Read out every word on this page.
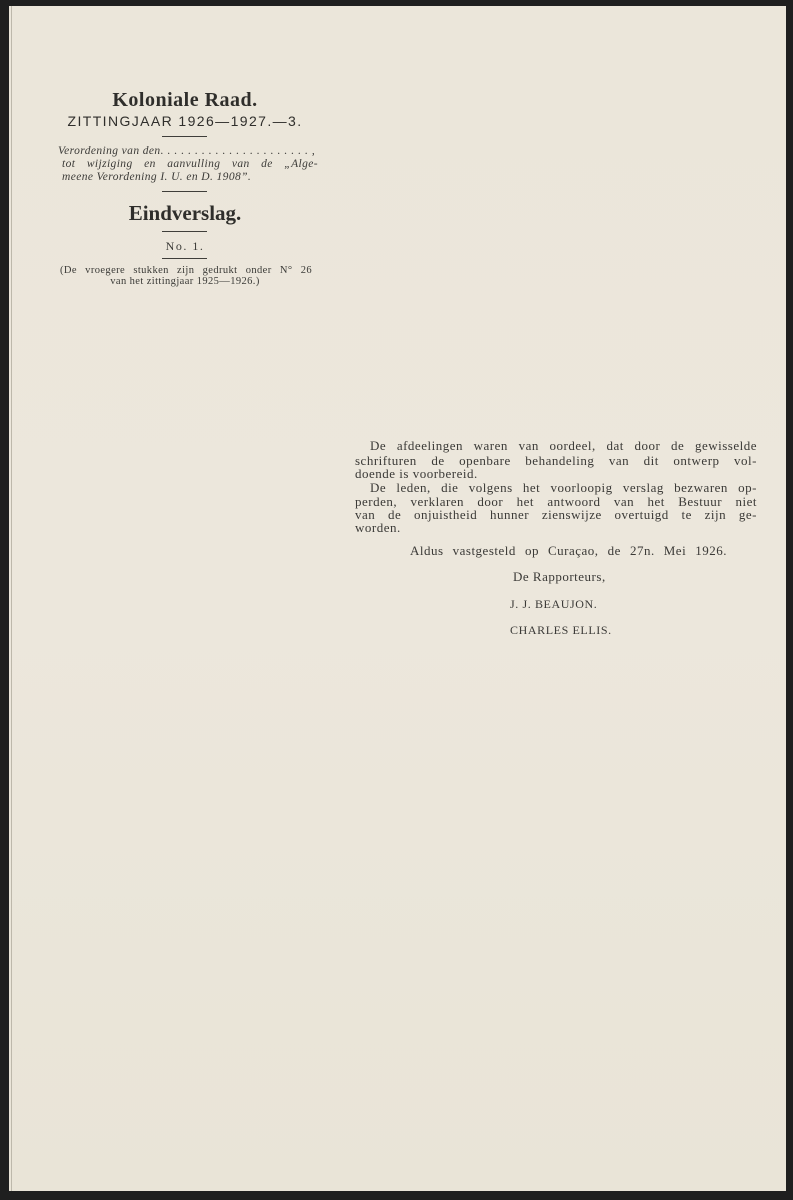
Koloniale Raad.
ZITTINGJAAR 1926—1927.—3.
Verordening van den ......................,
tot wijziging en aanvulling van de „Alge-
meene Verordening I. U. en D. 1908”.
Eindverslag.
No. 1.
(De vroegere stukken zijn gedrukt onder N° 26
van het zittingjaar 1925—1926.)
De afdeelingen waren van oordeel, dat door de gewisselde
schrifturen de openbare behandeling van dit ontwerp vol-
doende is voorbereid.
De leden, die volgens het voorloopig verslag bezwaren op-
perden, verklaren door het antwoord van het Bestuur niet
van de onjuistheid hunner zienswijze overtuigd te zijn ge-
worden.
Aldus vastgesteld op Curaçao, de 27n. Mei 1926.
De Rapporteurs,
J. J. BEAUJON.
CHARLES ELLIS.
